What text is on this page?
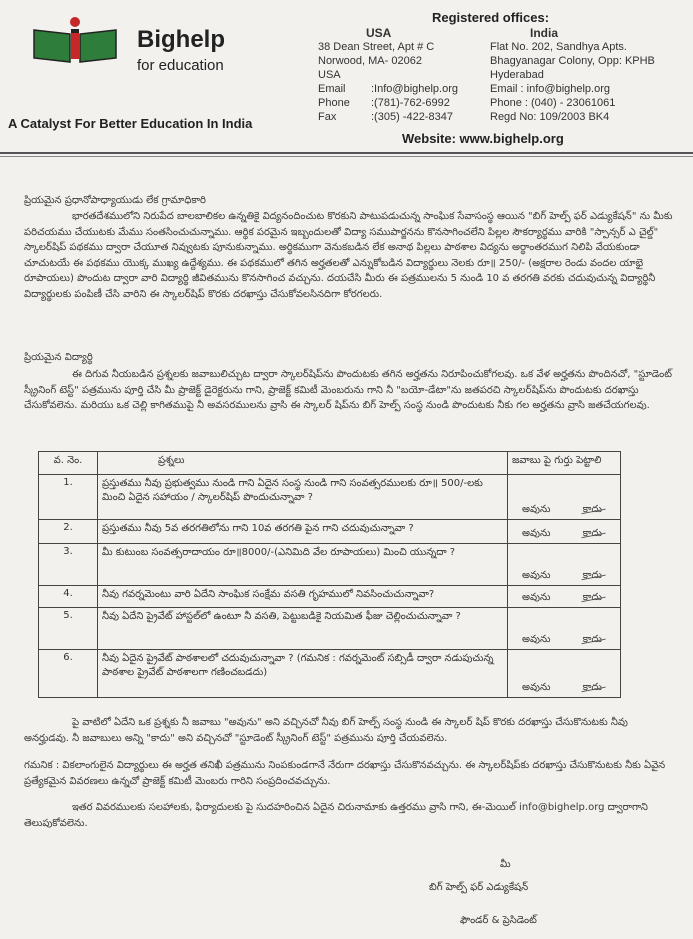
Bighelp
for education
A Catalyst For Better Education In India
Registered offices:
USA
38 Dean Street, Apt # C
Norwood, MA- 02062
USA
Email	:Info@bighelp.org
Phone	:(781)-762-6992
Fax	:(305) -422-8347
India
Flat No. 202, Sandhya Apts.
Bhagyanagar Colony, Opp: KPHB
Hyderabad
Email : info@bighelp.org
Phone : (040) - 23061061
Regd No: 109/2003 BK4
Website: www.bighelp.org
ప్రియమైన ప్రధానోపాధ్యాయుడు లేక గ్రామాధికారి
భారతదేశములోని నిరుపేద బాలబాలికల ఉన్నతికై విద్యనందించుట కొరకుని పాటుపడుచున్న సాంఘిక సేవాసంస్థ ఆయిన "బిగ్ హెల్ప్ ఫర్ ఎడ్యుకేషన్" ను మీకు పరిచయము చేయుటకు మేము సంతసించుచున్నాము. ఆర్థిక పరమైన ఇబ్బందులతో విద్యా సముపార్జనను కొనసాగించలేని పిల్లల సౌకర్యార్థము వారికి "స్పాన్సర్ ఎ చైల్డ్" స్కాలర్‌షిప్ పథకము ద్వారా చేయూత నివ్వుటకు పూనుకున్నాము. అర్థికముగా వెనుకబడిన లేక అనాథ పిల్లలు పాఠశాల విద్యను అర్థాంతరముగ నిలిపి వేయకుండా చూచుటయే ఈ పథకము యొక్క ముఖ్య ఉద్దేశ్యము. ఈ పథకములో తగిన అర్హతలతో ఎన్నుకోబడిన విద్యార్థులు నెలకు రూ॥ 250/- (అక్షరాల రెండు వందల యాభై రూపాయలు) పొందుట ద్వారా వారి విద్యార్థి జీవితమును కొనసాగించ వచ్చును. దయచేసి మీరు ఈ పత్రములను 5 నుండి 10 వ తరగతి వరకు చదువుచున్న విద్యార్థినీ విద్యార్థులకు పంపిణీ చేసి వారిని ఈ స్కాలర్‌షిప్ కొరకు దరఖాస్తు చేసుకోవలసినదిగా కోరగలరు.
ప్రియమైన విద్యార్థి
ఈ దిగువ నీయబడిన ప్రశ్నలకు జవాబులిచ్చుట ద్వారా స్కాలర్‌షిప్‌ను పొందుటకు తగిన అర్హతను నిరూపించుకోగలవు. ఒక వేళ అర్హతను పొందినచో, "స్టూడెంట్ స్క్రీనింగ్ టెస్ట్" పత్రమును పూర్తి చేసి మీ ప్రాజెక్ట్ డైరెక్టరును గాని, ప్రాజెక్ట్ కమిటీ మెంబరును గాని నీ "బయో-డేటా"ను జతపరచి స్కాలర్‌షిప్‌ను పొందుటకు దరఖాస్తు చేసుకోవలెను. మరియు ఒక చెల్లి కాగితముపై నీ అవసరములను వ్రాసి ఈ స్కాలర్ షిప్‌ను బిగ్ హెల్ప్ సంస్థ నుండి పొందుటకు నీకు గల అర్హతను వ్రాసి జతచేయగలవు.
వ. నెం.	ప్రశ్నలు	జవాబు పై గుర్తు పెట్టాలి
1.	ప్రస్తుతము నీవు ప్రభుత్వము నుండి గాని ఏదైన సంస్థ నుండి గాని సంవత్సరములకు రూ॥ 500/-లకు మించి ఏదైన సహాయం / స్కాలర్‌షిప్ పొందుచున్నావా ?	అవును కాదు

2.	ప్రస్తుతము నీవు 5వ తరగతిలోను గాని 10వ తరగతి పైన గాని చదువుచున్నావా ?	అవును కాదు

3.	మీ కుటుంబ సంవత్సరాదాయం రూ॥8000/-(ఎనిమిది వేల రూపాయలు) మించి యున్నదా ?	అవును కాదు

4.	నీవు గవర్నమెంటు వారి ఏదేని సాంఘిక సంక్షేమ వసతి గృహములో నివసించుచున్నావా?	అవును కాదు

5.	నీవు ఏదేని ప్రైవేట్ హాస్టల్‌లో ఉంటూ నీ వసతి, పెట్టుబడికై నియమిత ఫీజు చెల్లించుచున్నావా ?	అవును కాదు

6.	నీవు ఏదైన ప్రైవేట్ పాఠశాలలో చదువుచున్నావా ? (గమనిక : గవర్నమెంట్ సబ్సిడీ ద్వారా నడుపుచున్న పాఠశాల ప్రైవేట్ పాఠశాలగా గణించబడదు)	అవును కాదు
పై వాటిలో ఏదేని ఒక ప్రశ్నకు నీ జవాబు "అవును" అని వచ్చినచో నీవు బిగ్ హెల్ప్ సంస్థ నుండి ఈ స్కాలర్ షిప్ కొరకు దరఖాస్తు చేసుకొనుటకు నీవు అనర్హుడవు. నీ జవాబులు అన్ని "కాదు" అని వచ్చినచో "స్టూడెంట్ స్క్రీనింగ్ టెస్ట్" పత్రమును పూర్తి చేయవలెను.
గమనిక : వికలాంగులైన విద్యార్థులు ఈ అర్హత తనిఖీ పత్రమును నింపకుండగానే నేరుగా దరఖాస్తు చేసుకొనవచ్చును. ఈ స్కాలర్‌షిప్‌కు దరఖాస్తు చేసుకొనుటకు నీకు ఏవైన ప్రత్యేకమైన వివరణలు ఉన్నచో ప్రాజెక్ట్ కమిటీ మెంబరు గారిని సంప్రదించవచ్చును.
ఇతర వివరములకు సలహాలకు, ఫిర్యాదులకు పై సుదహరించిన ఏదైన చిరునామాకు ఉత్తరము వ్రాసి గాని, ఈ-మెయిల్ info@bighelp.org ద్వారాగాని తెలుపుకోవలెను.
మీ
బిగ్ హెల్ప్ ఫర్ ఎడ్యుకేషన్
ఫౌండర్ & ప్రెసిడెంట్
